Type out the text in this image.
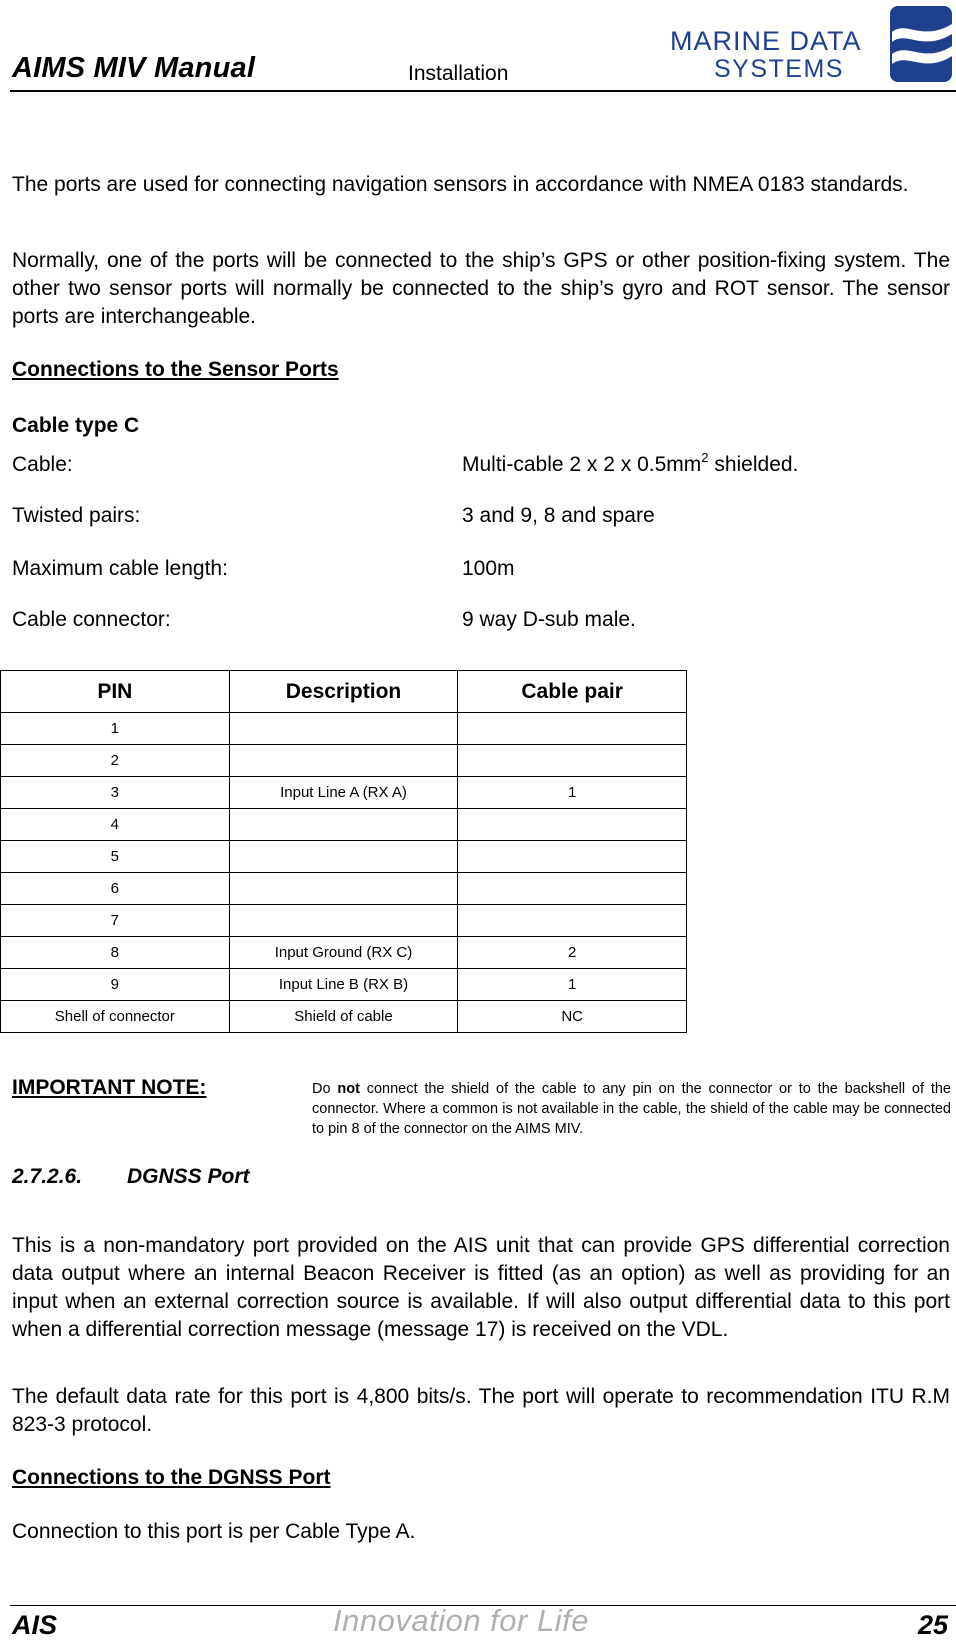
AIMS MIV Manual	Installation
MARINE DATA
SYSTEMS
The ports are used for connecting navigation sensors in accordance with NMEA 0183 standards.
Normally, one of the ports will be connected to the ship’s GPS or other position-fixing system. The other two sensor ports will normally be connected to the ship’s gyro and ROT sensor. The sensor ports are interchangeable.
Connections to the Sensor Ports
Cable type C
Cable:	Multi-cable 2 x 2 x $0.5mm^2$ shielded.
Twisted pairs:	3 and 9, 8 and spare
Maximum cable length:	100m
Cable connector:	9 way D-sub male.
PIN	Description	Cable pair
1		
2		
3	Input Line A (RX A)	1
4		
5		
6		
7		
8	Input Ground (RX C)	2
9	Input Line B (RX B)	1
Shell of connector	Shield of cable	NC
IMPORTANT NOTE:	Do not connect the shield of the cable to any pin on the connector or to the backshell of the connector. Where a common is not available in the cable, the shield of the cable may be connected to pin 8 of the connector on the AIMS MIV.
2.7.2.6. DGNSS Port
This is a non-mandatory port provided on the AIS unit that can provide GPS differential correction data output where an internal Beacon Receiver is fitted (as an option) as well as providing for an input when an external correction source is available. If will also output differential data to this port when a differential correction message (message 17) is received on the VDL.
The default data rate for this port is 4,800 bits/s. The port will operate to recommendation ITU R.M 823-3 protocol.
Connections to the DGNSS Port
Connection to this port is per Cable Type A.
AIS	Innovation for Life	25
